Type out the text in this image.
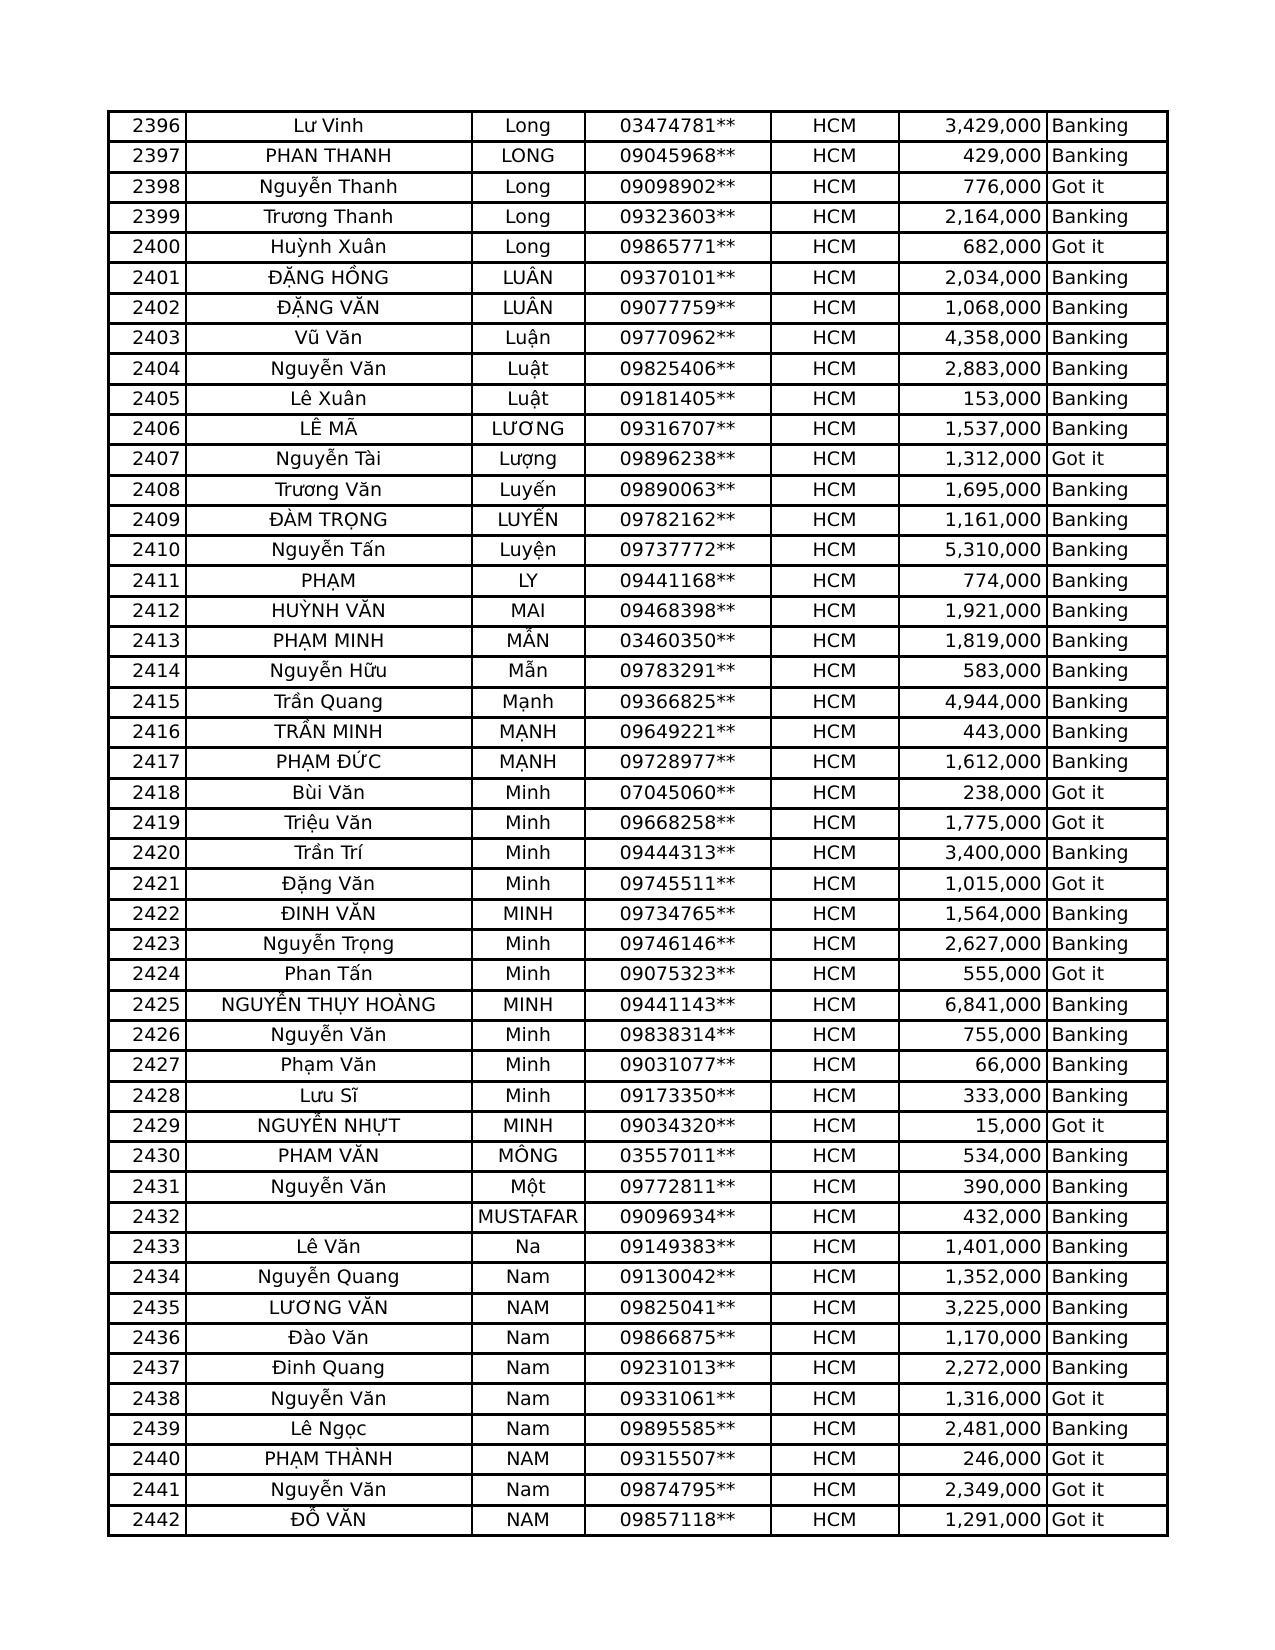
2396	Lư Vinh	Long	03474781**	HCM	3,429,000	Banking
2397	PHAN THANH	LONG	09045968**	HCM	429,000	Banking
2398	Nguyễn Thanh	Long	09098902**	HCM	776,000	Got it
2399	Trương Thanh	Long	09323603**	HCM	2,164,000	Banking
2400	Huỳnh Xuân	Long	09865771**	HCM	682,000	Got it
2401	ĐẶNG HỒNG	LUÂN	09370101**	HCM	2,034,000	Banking
2402	ĐẶNG VĂN	LUÂN	09077759**	HCM	1,068,000	Banking
2403	Vũ Văn	Luận	09770962**	HCM	4,358,000	Banking
2404	Nguyễn Văn	Luật	09825406**	HCM	2,883,000	Banking
2405	Lê Xuân	Luật	09181405**	HCM	153,000	Banking
2406	LÊ MÃ	LƯƠNG	09316707**	HCM	1,537,000	Banking
2407	Nguyễn Tài	Lượng	09896238**	HCM	1,312,000	Got it
2408	Trương Văn	Luyến	09890063**	HCM	1,695,000	Banking
2409	ĐÀM TRỌNG	LUYẾN	09782162**	HCM	1,161,000	Banking
2410	Nguyễn Tấn	Luyện	09737772**	HCM	5,310,000	Banking
2411	PHẠM	LY	09441168**	HCM	774,000	Banking
2412	HUỲNH VĂN	MAI	09468398**	HCM	1,921,000	Banking
2413	PHẠM MINH	MẪN	03460350**	HCM	1,819,000	Banking
2414	Nguyễn Hữu	Mẫn	09783291**	HCM	583,000	Banking
2415	Trần Quang	Mạnh	09366825**	HCM	4,944,000	Banking
2416	TRẦN MINH	MẠNH	09649221**	HCM	443,000	Banking
2417	PHẠM ĐỨC	MẠNH	09728977**	HCM	1,612,000	Banking
2418	Bùi Văn	Minh	07045060**	HCM	238,000	Got it
2419	Triệu Văn	Minh	09668258**	HCM	1,775,000	Got it
2420	Trần Trí	Minh	09444313**	HCM	3,400,000	Banking
2421	Đặng Văn	Minh	09745511**	HCM	1,015,000	Got it
2422	ĐINH VĂN	MINH	09734765**	HCM	1,564,000	Banking
2423	Nguyễn Trọng	Minh	09746146**	HCM	2,627,000	Banking
2424	Phan Tấn	Minh	09075323**	HCM	555,000	Got it
2425	NGUYỄN THỤY HOÀNG	MINH	09441143**	HCM	6,841,000	Banking
2426	Nguyễn Văn	Minh	09838314**	HCM	755,000	Banking
2427	Phạm Văn	Minh	09031077**	HCM	66,000	Banking
2428	Lưu Sĩ	Minh	09173350**	HCM	333,000	Banking
2429	NGUYỄN NHỰT	MINH	09034320**	HCM	15,000	Got it
2430	PHAM VĂN	MÔNG	03557011**	HCM	534,000	Banking
2431	Nguyễn Văn	Một	09772811**	HCM	390,000	Banking
2432		MUSTAFAR	09096934**	HCM	432,000	Banking
2433	Lê Văn	Na	09149383**	HCM	1,401,000	Banking
2434	Nguyễn Quang	Nam	09130042**	HCM	1,352,000	Banking
2435	LƯƠNG VĂN	NAM	09825041**	HCM	3,225,000	Banking
2436	Đào Văn	Nam	09866875**	HCM	1,170,000	Banking
2437	Đinh Quang	Nam	09231013**	HCM	2,272,000	Banking
2438	Nguyễn Văn	Nam	09331061**	HCM	1,316,000	Got it
2439	Lê Ngọc	Nam	09895585**	HCM	2,481,000	Banking
2440	PHẠM THÀNH	NAM	09315507**	HCM	246,000	Got it
2441	Nguyễn Văn	Nam	09874795**	HCM	2,349,000	Got it
2442	ĐỖ VĂN	NAM	09857118**	HCM	1,291,000	Got it
